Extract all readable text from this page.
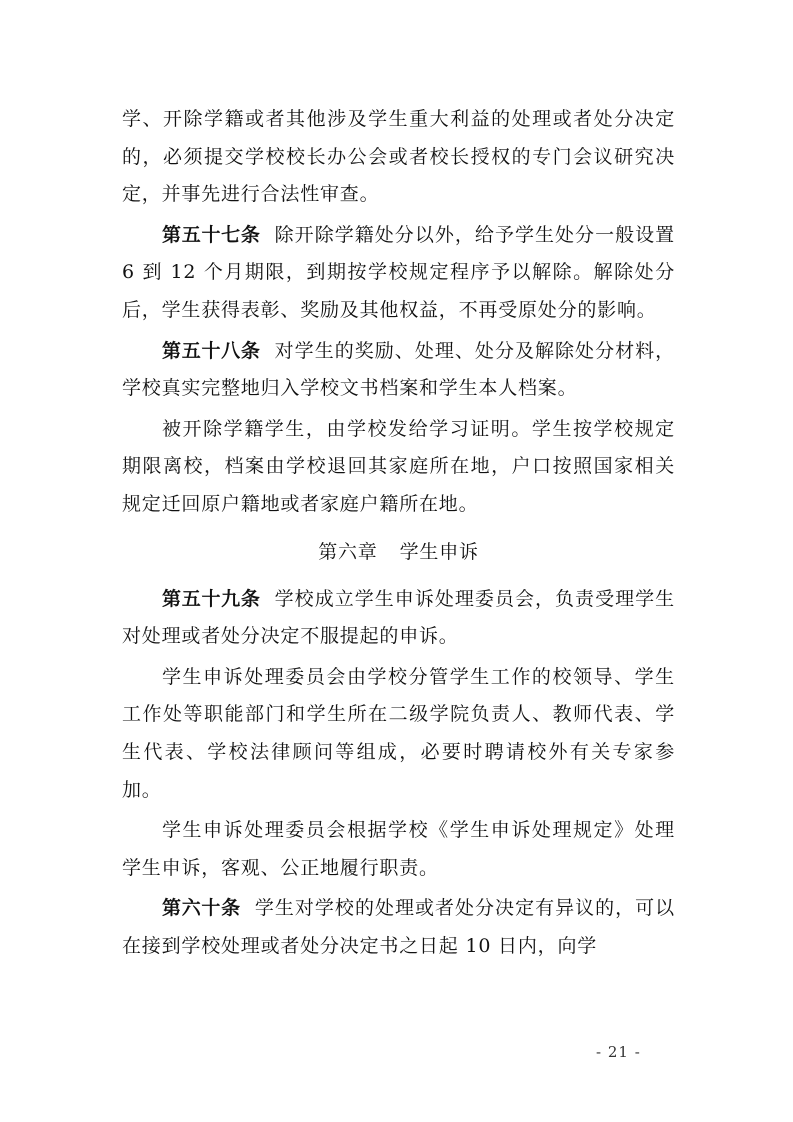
学、开除学籍或者其他涉及学生重大利益的处理或者处分决定的，必须提交学校校长办公会或者校长授权的专门会议研究决定，并事先进行合法性审查。

第五十七条 除开除学籍处分以外，给予学生处分一般设置 6 到 12 个月期限，到期按学校规定程序予以解除。解除处分后，学生获得表彰、奖励及其他权益，不再受原处分的影响。

第五十八条 对学生的奖励、处理、处分及解除处分材料，学校真实完整地归入学校文书档案和学生本人档案。

被开除学籍学生，由学校发给学习证明。学生按学校规定期限离校，档案由学校退回其家庭所在地，户口按照国家相关规定迁回原户籍地或者家庭户籍所在地。

第六章 学生申诉

第五十九条 学校成立学生申诉处理委员会，负责受理学生对处理或者处分决定不服提起的申诉。

学生申诉处理委员会由学校分管学生工作的校领导、学生工作处等职能部门和学生所在二级学院负责人、教师代表、学生代表、学校法律顾问等组成，必要时聘请校外有关专家参加。

学生申诉处理委员会根据学校《学生申诉处理规定》处理学生申诉，客观、公正地履行职责。

第六十条 学生对学校的处理或者处分决定有异议的，可以在接到学校处理或者处分决定书之日起 10 日内，向学

- 21 -
